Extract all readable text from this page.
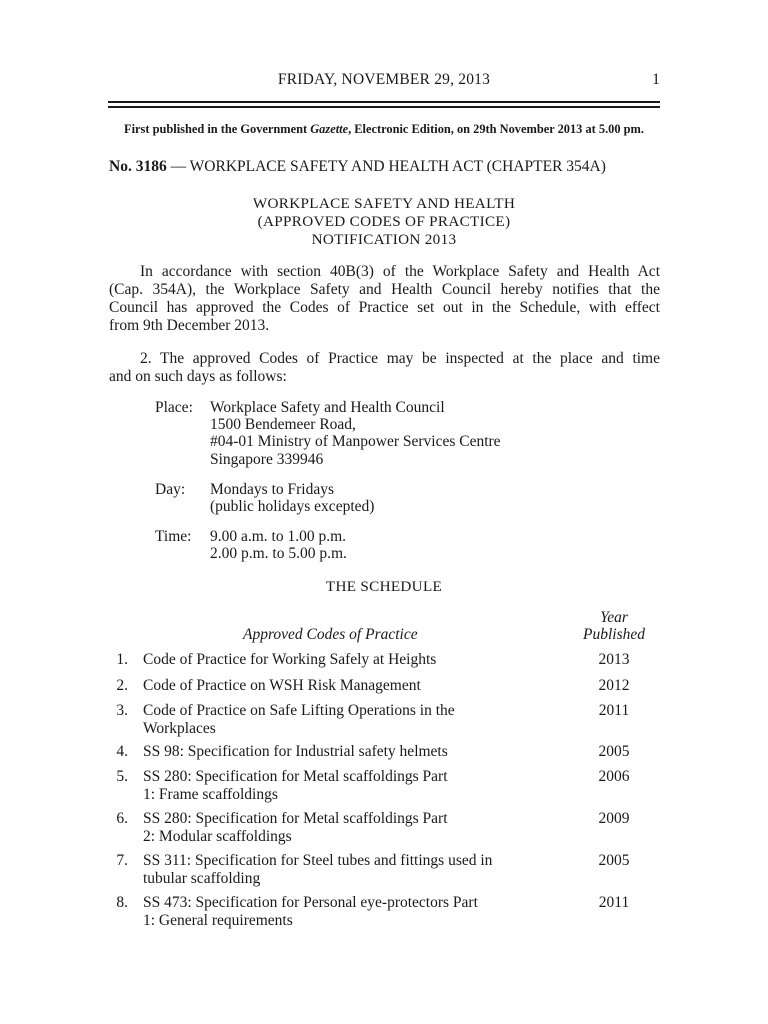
FRIDAY, NOVEMBER 29, 2013	1
First published in the Government Gazette, Electronic Edition, on 29th November 2013 at 5.00 pm.
No. 3186 — WORKPLACE SAFETY AND HEALTH ACT (CHAPTER 354A)
WORKPLACE SAFETY AND HEALTH
(APPROVED CODES OF PRACTICE)
NOTIFICATION 2013
In accordance with section 40B(3) of the Workplace Safety and Health Act
(Cap. 354A), the Workplace Safety and Health Council hereby notifies that the
Council has approved the Codes of Practice set out in the Schedule, with effect
from 9th December 2013.
2. The approved Codes of Practice may be inspected at the place and time
and on such days as follows:
Place: Workplace Safety and Health Council
1500 Bendemeer Road,
#04-01 Ministry of Manpower Services Centre
Singapore 339946
Day: Mondays to Fridays
(public holidays excepted)
Time: 9.00 a.m. to 1.00 p.m.
2.00 p.m. to 5.00 p.m.
THE SCHEDULE
Approved Codes of Practice
Year
Published
1. Code of Practice for Working Safely at Heights	2013
2. Code of Practice on WSH Risk Management	2012
3. Code of Practice on Safe Lifting Operations in the Workplaces
2011
4. SS 98: Specification for Industrial safety helmets	2005
5. SS 280: Specification for Metal scaffoldings Part 1: Frame scaffoldings
2006
6. SS 280: Specification for Metal scaffoldings Part 2: Modular scaffoldings
2009
7. SS 311: Specification for Steel tubes and fittings used in tubular scaffolding
2005
8. SS 473: Specification for Personal eye-protectors Part 1: General requirements
2011
